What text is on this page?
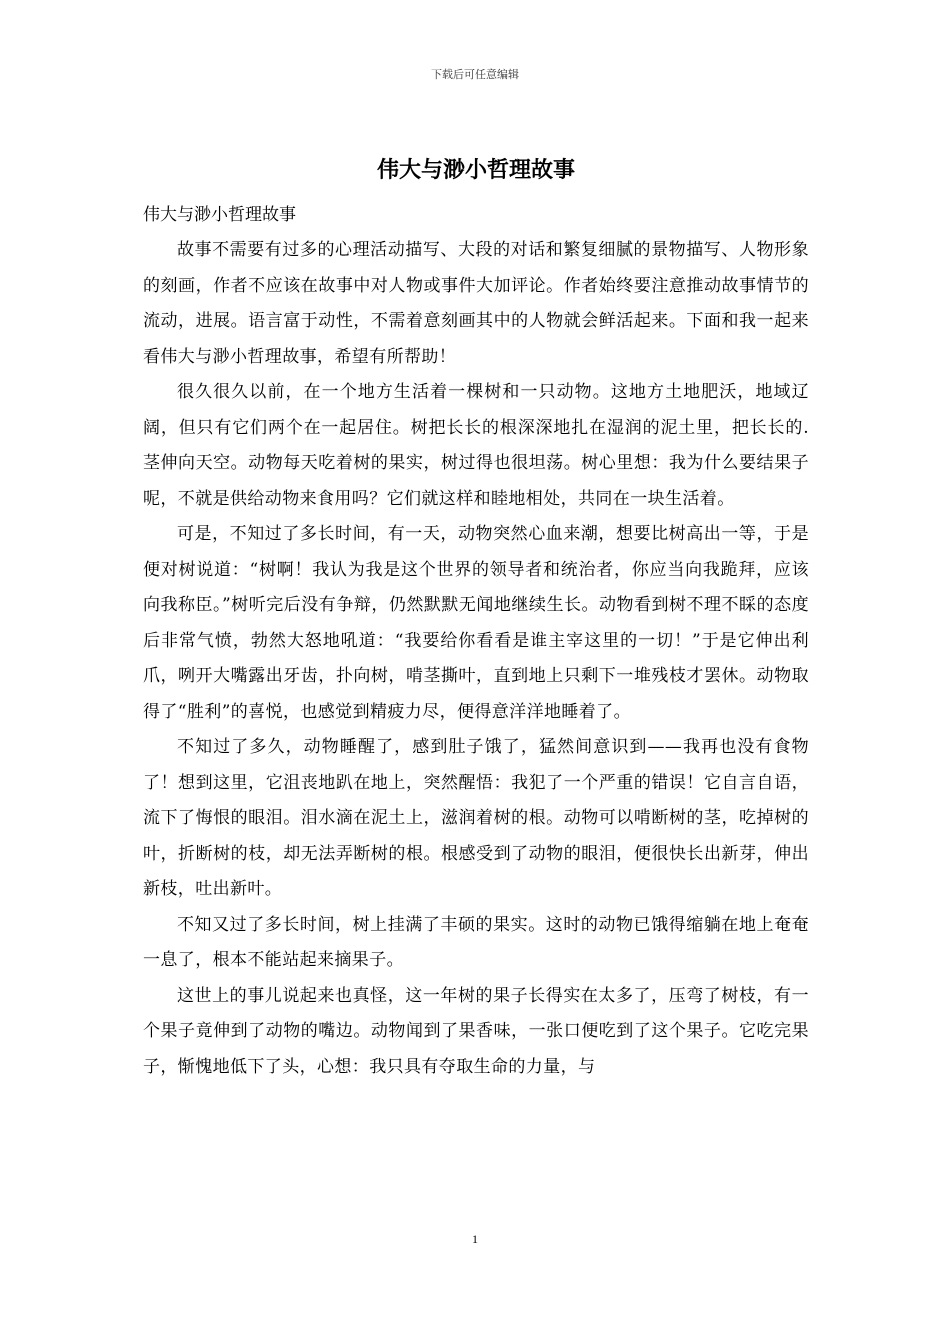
下载后可任意编辑
伟大与渺小哲理故事

伟大与渺小哲理故事

故事不需要有过多的心理活动描写、大段的对话和繁复细腻的景物描写、人物形象的刻画，作者不应该在故事中对人物或事件大加评论。作者始终要注意推动故事情节的流动，进展。语言富于动性，不需着意刻画其中的人物就会鲜活起来。下面和我一起来看伟大与渺小哲理故事，希望有所帮助！

很久很久以前，在一个地方生活着一棵树和一只动物。这地方土地肥沃，地域辽阔，但只有它们两个在一起居住。树把长长的根深深地扎在湿润的泥土里，把长长的.茎伸向天空。动物每天吃着树的果实，树过得也很坦荡。树心里想：我为什么要结果子呢，不就是供给动物来食用吗？它们就这样和睦地相处，共同在一块生活着。

可是，不知过了多长时间，有一天，动物突然心血来潮，想要比树高出一等，于是便对树说道：“树啊！我认为我是这个世界的领导者和统治者，你应当向我跪拜，应该向我称臣。”树听完后没有争辩，仍然默默无闻地继续生长。动物看到树不理不睬的态度后非常气愤，勃然大怒地吼道：“我要给你看看是谁主宰这里的一切！”于是它伸出利爪，咧开大嘴露出牙齿，扑向树，啃茎撕叶，直到地上只剩下一堆残枝才罢休。动物取得了“胜利”的喜悦，也感觉到精疲力尽，便得意洋洋地睡着了。

不知过了多久，动物睡醒了，感到肚子饿了，猛然间意识到——我再也没有食物了！想到这里，它沮丧地趴在地上，突然醒悟：我犯了一个严重的错误！它自言自语，流下了悔恨的眼泪。泪水滴在泥土上，滋润着树的根。动物可以啃断树的茎，吃掉树的叶，折断树的枝，却无法弄断树的根。根感受到了动物的眼泪，便很快长出新芽，伸出新枝，吐出新叶。

不知又过了多长时间，树上挂满了丰硕的果实。这时的动物已饿得缩躺在地上奄奄一息了，根本不能站起来摘果子。

这世上的事儿说起来也真怪，这一年树的果子长得实在太多了，压弯了树枝，有一个果子竟伸到了动物的嘴边。动物闻到了果香味，一张口便吃到了这个果子。它吃完果子，惭愧地低下了头，心想：我只具有夺取生命的力量，与

1
